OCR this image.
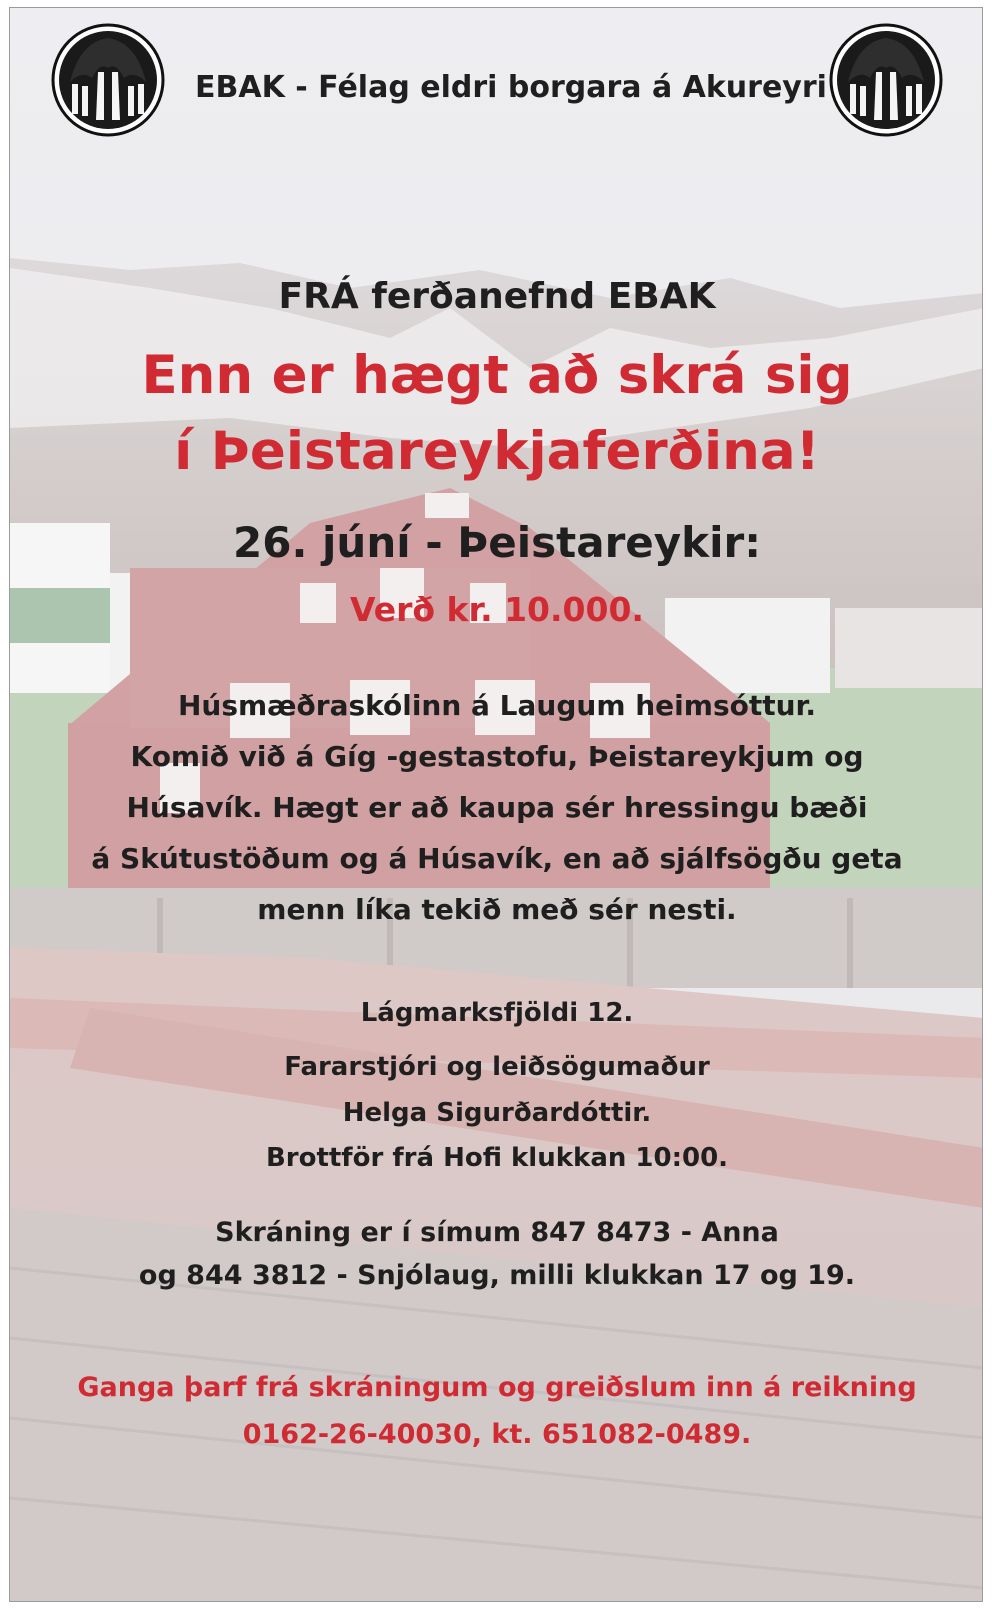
EBAK - Félag eldri borgara á Akureyri
FRÁ ferðanefnd EBAK
Enn er hægt að skrá sig
í Þeistareykjaferðina!
26. júní - Þeistareykir:
Verð kr. 10.000.
Húsmæðraskólinn á Laugum heimsóttur.
Komið við á Gíg -gestastofu, Þeistareykjum og
Húsavík. Hægt er að kaupa sér hressingu bæði
á Skútustöðum og á Húsavík, en að sjálfsögðu geta
menn líka tekið með sér nesti.
Lágmarksfjöldi 12.
Fararstjóri og leiðsögumaður
Helga Sigurðardóttir.
Brottför frá Hofi klukkan 10:00.
Skráning er í símum 847 8473 - Anna
og 844 3812 - Snjólaug, milli klukkan 17 og 19.
Ganga þarf frá skráningum og greiðslum inn á reikning
0162-26-40030, kt. 651082-0489.
